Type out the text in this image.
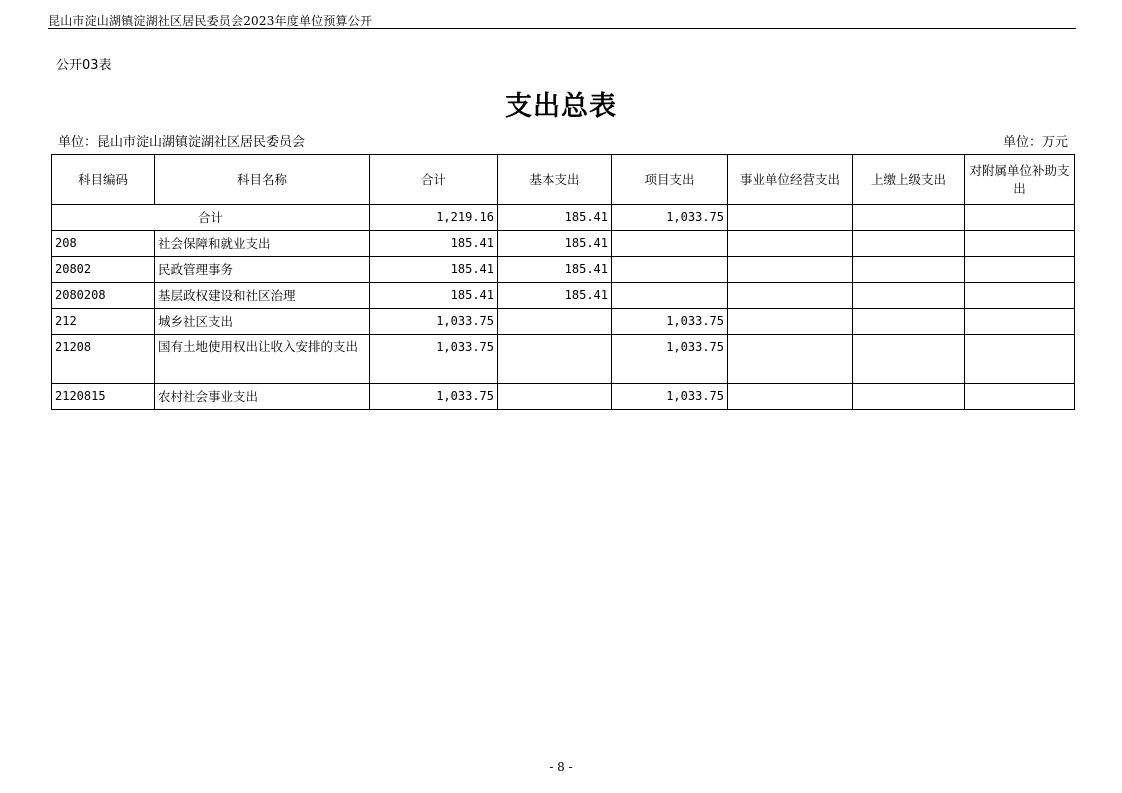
昆山市淀山湖镇淀湖社区居民委员会2023年度单位预算公开
公开03表
支出总表
单位：昆山市淀山湖镇淀湖社区居民委员会	单位：万元
科目编码	科目名称	合计	基本支出	项目支出	事业单位经营支出	上缴上级支出	对附属单位补助支出
合计		1,219.16	185.41	1,033.75			
208	社会保障和就业支出	185.41	185.41				
20802	民政管理事务	185.41	185.41				
2080208	基层政权建设和社区治理	185.41	185.41				
212	城乡社区支出	1,033.75		1,033.75			
21208	国有土地使用权出让收入安排的支出	1,033.75		1,033.75			
2120815	农村社会事业支出	1,033.75		1,033.75			
- 8 -
